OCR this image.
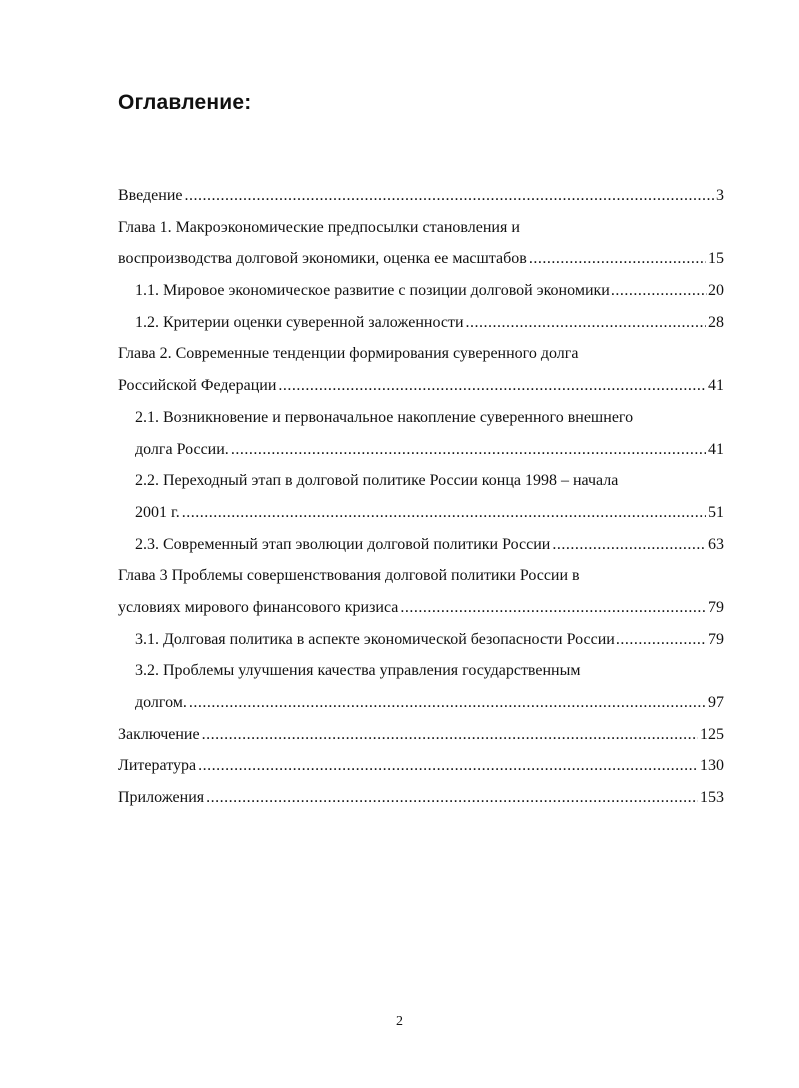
Оглавление:
Введение .....	3
Глава 1. Макроэкономические предпосылки становления и
воспроизводства долговой экономики, оценка ее масштабов .....	15
1.1. Мировое экономическое развитие с позиции долговой экономики .....	20
1.2. Критерии оценки суверенной заложенности .....	28
Глава 2. Современные тенденции формирования суверенного долга
Российской Федерации .....	41
2.1. Возникновение и первоначальное накопление суверенного внешнего
долга России. .....	41
2.2. Переходный этап в долговой политике России конца 1998 – начала
2001 г. .....	51
2.3. Современный этап эволюции долговой политики России .....	63
Глава 3 Проблемы совершенствования долговой политики России в
условиях мирового финансового кризиса .....	79
3.1. Долговая политика в аспекте экономической безопасности России .....	79
3.2. Проблемы улучшения качества управления государственным
долгом. .....	97
Заключение .....	125
Литература .....	130
Приложения .....	153
2
